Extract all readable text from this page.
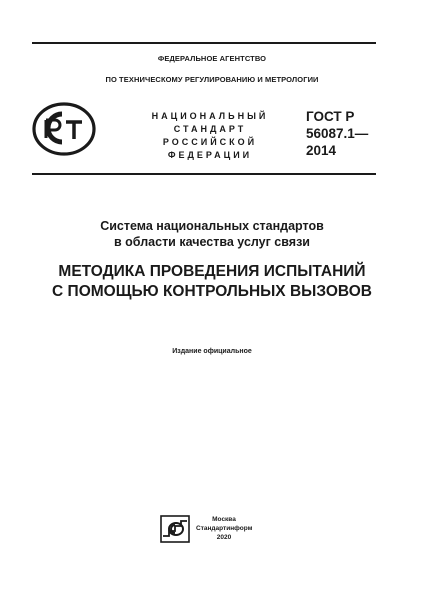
ФЕДЕРАЛЬНОЕ АГЕНТСТВО
ПО ТЕХНИЧЕСКОМУ РЕГУЛИРОВАНИЮ И МЕТРОЛОГИИ
НАЦИОНАЛЬНЫЙ
СТАНДАРТ
РОССИЙСКОЙ
ФЕДЕРАЦИИ
ГОСТ Р
56087.1—
2014
Система национальных стандартов
в области качества услуг связи
МЕТОДИКА ПРОВЕДЕНИЯ ИСПЫТАНИЙ
С ПОМОЩЬЮ КОНТРОЛЬНЫХ ВЫЗОВОВ
Издание официальное
Москва
Стандартинформ
2020
